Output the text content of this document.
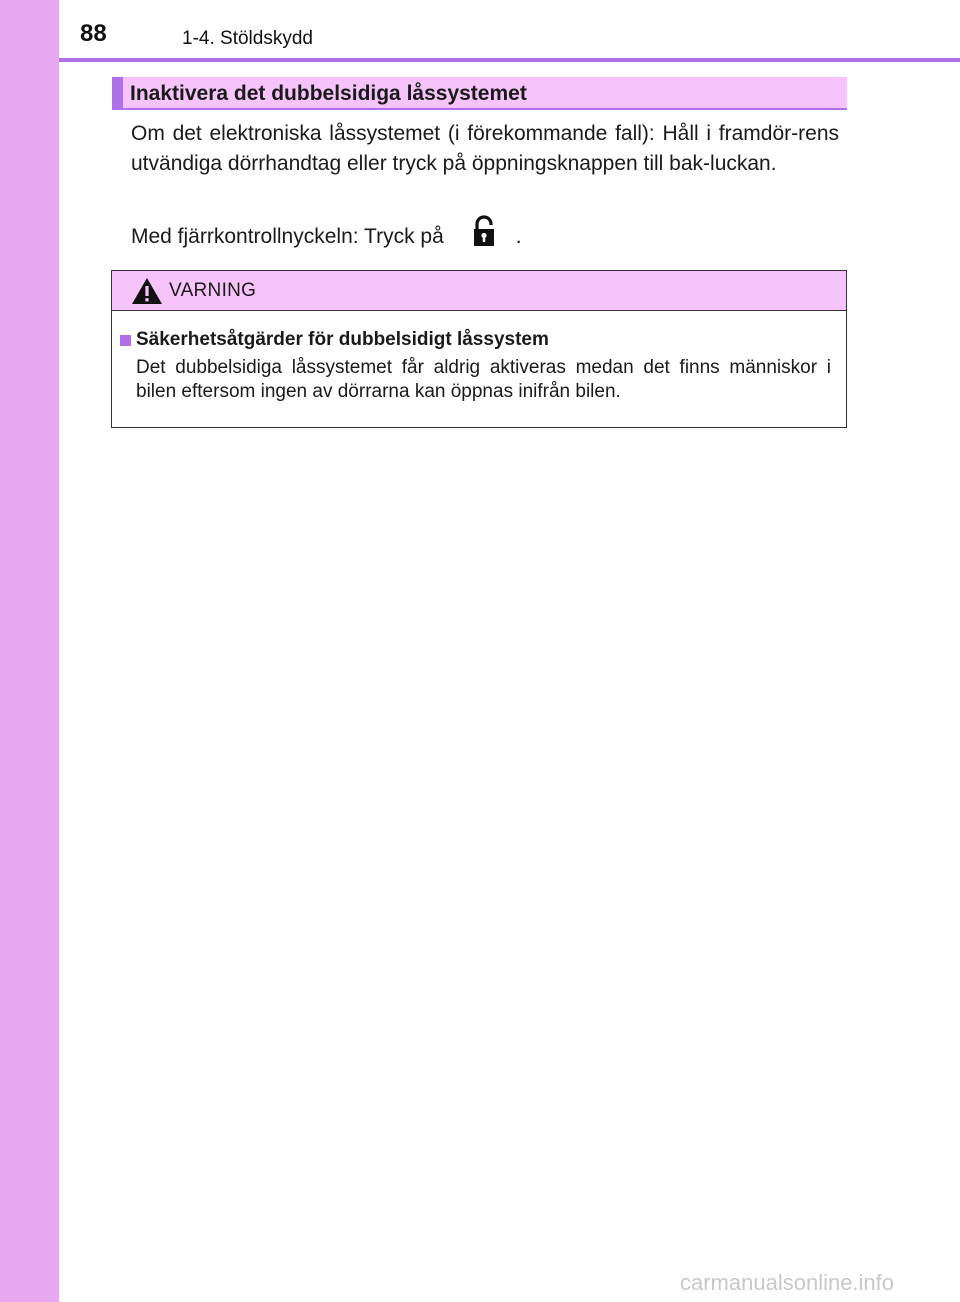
88	1-4. Stöldskydd
Inaktivera det dubbelsidiga låssystemet

Om det elektroniska låssystemet (i förekommande fall): Håll i framdör-rens utvändiga dörrhandtag eller tryck på öppningsknappen till bak-luckan.

Med fjärrkontrollnyckeln: Tryck på	.

VARNING
Säkerhetsåtgärder för dubbelsidigt låssystem

Det dubbelsidiga låssystemet får aldrig aktiveras medan det finns människor i bilen eftersom ingen av dörrarna kan öppnas inifrån bilen.

carmanualsonline.info
